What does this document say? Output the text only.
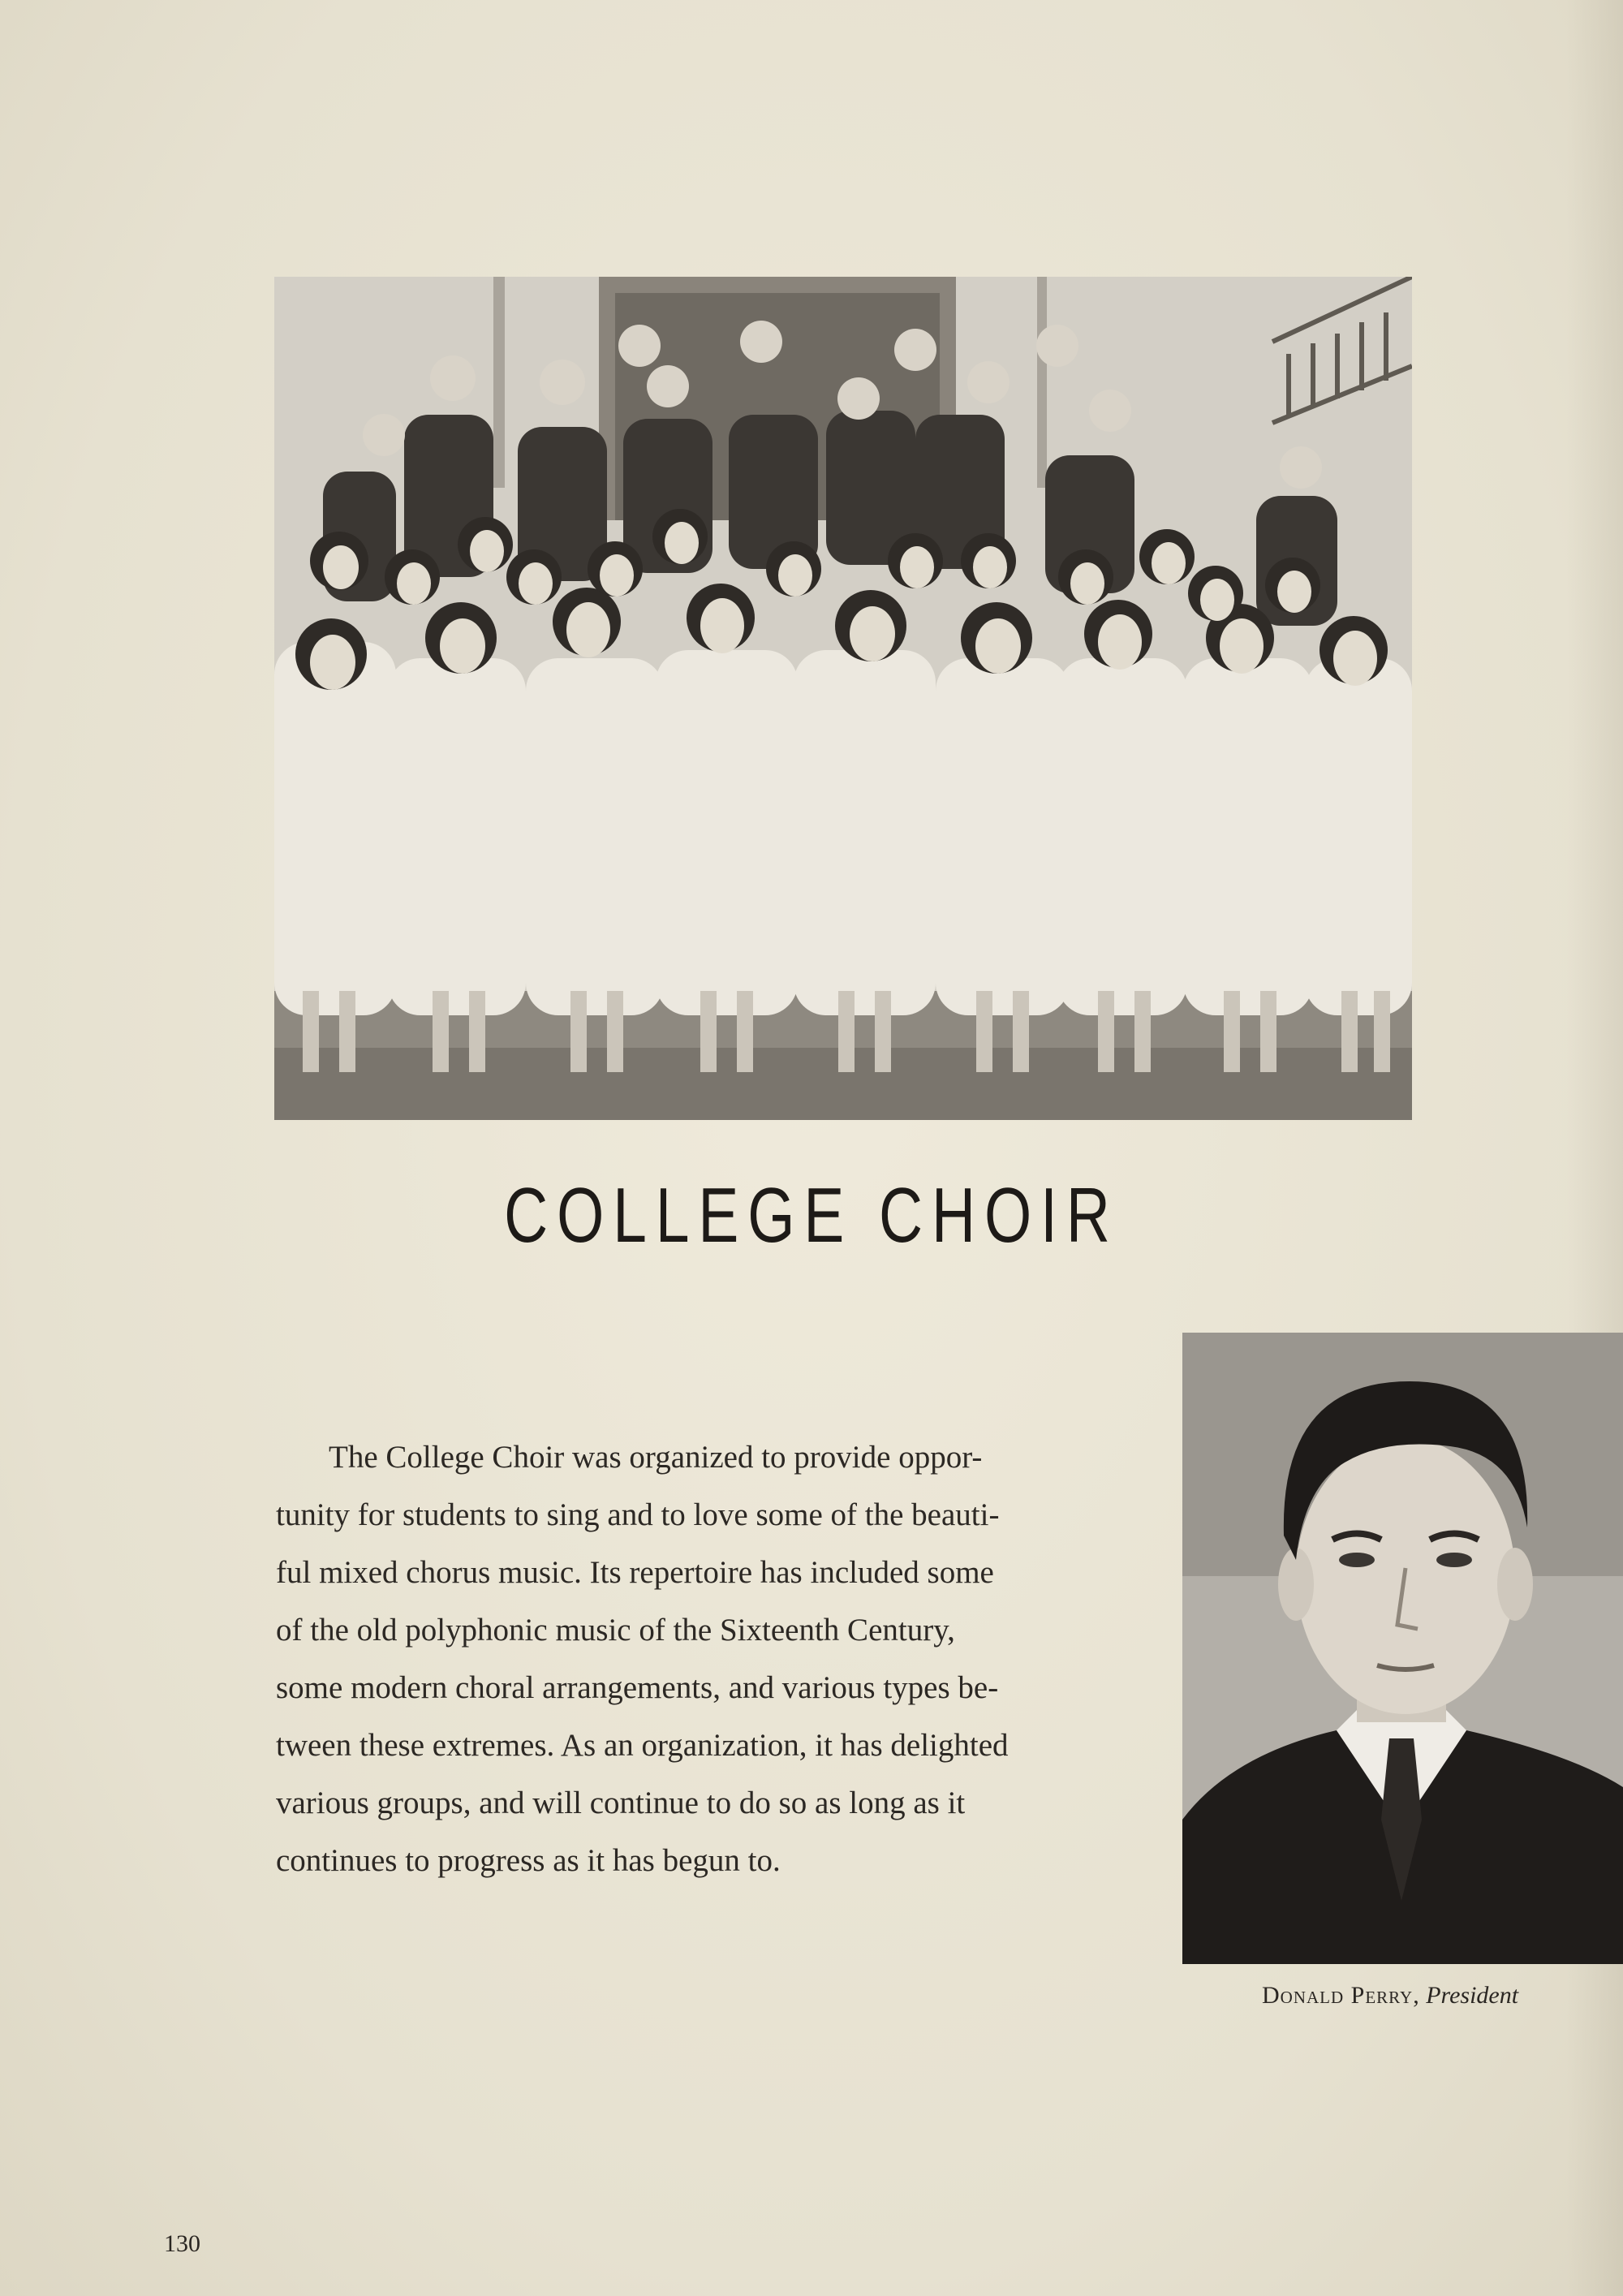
COLLEGE CHOIR
The College Choir was organized to provide oppor-
tunity for students to sing and to love some of the beauti-
ful mixed chorus music. Its repertoire has included some
of the old polyphonic music of the Sixteenth Century,
some modern choral arrangements, and various types be-
tween these extremes. As an organization, it has delighted
various groups, and will continue to do so as long as it
continues to progress as it has begun to.
Donald Perry, President
130
